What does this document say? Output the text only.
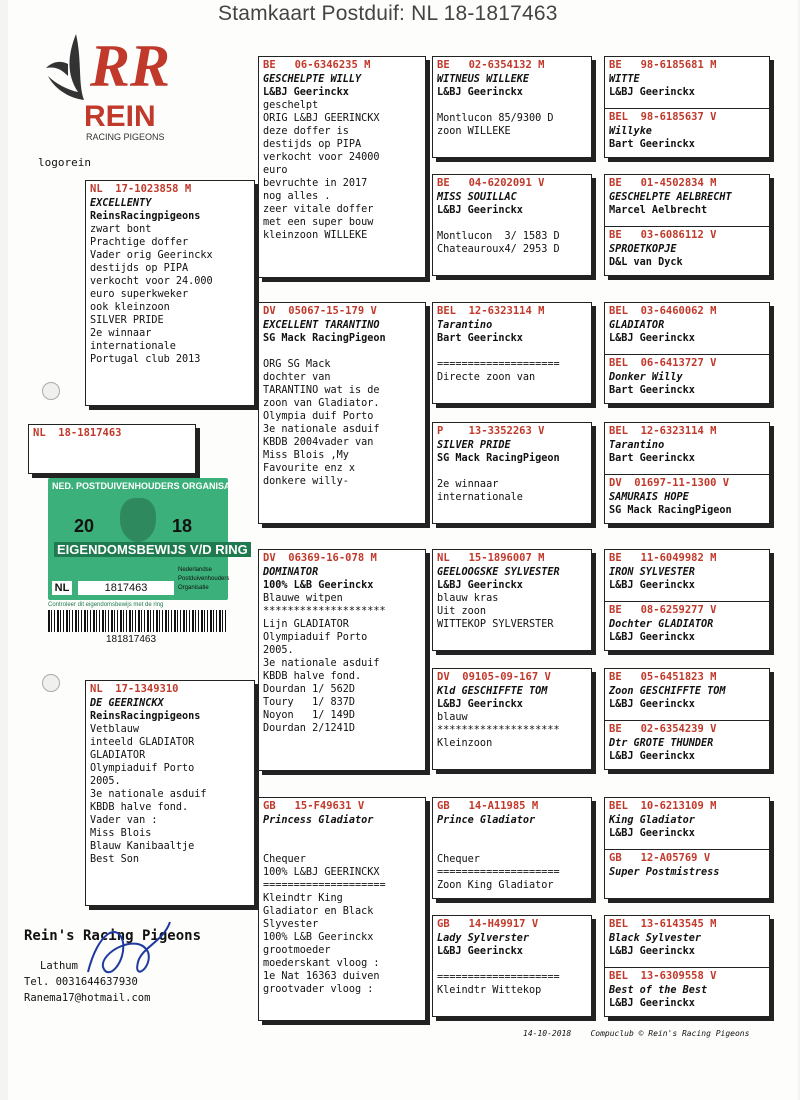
Stamkaart Postduif: NL 18-1817463
RR
REIN
RACING PIGEONS
logorein
NL  18-1817463
NED. POSTDUIVENHOUDERS ORGANISATIE
20	18
EIGENDOMSBEWIJS V/D RING
Nederlandse
Postduivenhouders
Organisatie
NL	1817463
Controleer dit eigendomsbewijs met de ring
181817463
NL  17-1023858 M
EXCELLENTY
ReinsRacingpigeons
zwart bont
Prachtige doffer
Vader orig Geerinckx
destijds op PIPA
verkocht voor 24.000
euro superkweker
ook kleinzoon
SILVER PRIDE
2e winnaar
internationale
Portugal club 2013
NL  17-1349310
DE GEERINCKX
ReinsRacingpigeons
Vetblauw
inteeld GLADIATOR
GLADIATOR
Olympiaduif Porto
2005.
3e nationale asduif
KBDB halve fond.
Vader van :
Miss Blois
Blauw Kanibaaltje
Best Son
BE   06-6346235 M
GESCHELPTE WILLY
L&BJ Geerinckx
geschelpt
ORIG L&BJ GEERINCKX
deze doffer is
destijds op PIPA
verkocht voor 24000
euro
bevruchte in 2017
nog alles .
zeer vitale doffer
met een super bouw
kleinzoon WILLEKE
DV  05067-15-179 V
EXCELLENT TARANTINO
SG Mack RacingPigeon

ORG SG Mack
dochter van
TARANTINO wat is de
zoon van Gladiator.
Olympia duif Porto
3e nationale asduif
KBDB 2004vader van
Miss Blois ,My
Favourite enz x
donkere willy-
DV  06369-16-078 M
DOMINATOR
100% L&B Geerinckx
Blauwe witpen
********************
Lijn GLADIATOR
Olympiaduif Porto
2005.
3e nationale asduif
KBDB halve fond.
Dourdan 1/ 562D
Toury   1/ 837D
Noyon   1/ 149D
Dourdan 2/1241D
GB   15-F49631 V
Princess Gladiator

Chequer
100% L&BJ GEERINCKX
====================
Kleindtr King
Gladiator en Black
Slyvester
100% L&B Geerinckx
grootmoeder
moederskant vloog :
1e Nat 16363 duiven
grootvader vloog :
BE   02-6354132 M
WITNEUS WILLEKE
L&BJ Geerinckx

Montlucon 85/9300 D
zoon WILLEKE
BE   04-6202091 V
MISS SOUILLAC
L&BJ Geerinckx

Montlucon  3/ 1583 D
Chateauroux4/ 2953 D
BEL  12-6323114 M
Tarantino
Bart Geerinckx

====================
Directe zoon van
P    13-3352263 V
SILVER PRIDE
SG Mack RacingPigeon

2e winnaar
internationale
NL   15-1896007 M
GEELOOGSKE SYLVESTER
L&BJ Geerinckx
blauw kras
Uit zoon
WITTEKOP SYLVERSTER
DV  09105-09-167 V
Kld GESCHIFFTE TOM
L&BJ Geerinckx
blauw
********************
Kleinzoon
GB   14-A11985 M
Prince Gladiator

Chequer
====================
Zoon King Gladiator
GB   14-H49917 V
Lady Sylverster
L&BJ Geerinckx

====================
Kleindtr Wittekop
BE   98-6185681 M
WITTE
L&BJ Geerinckx
BEL  98-6185637 V
Willyke
Bart Geerinckx
BE   01-4502834 M
GESCHELPTE AELBRECHT
Marcel Aelbrecht
BE   03-6086112 V
SPROETKOPJE
D&L van Dyck
BEL  03-6460062 M
GLADIATOR
L&BJ Geerinckx
BEL  06-6413727 V
Donker Willy
Bart Geerinckx
BEL  12-6323114 M
Tarantino
Bart Geerinckx
DV  01697-11-1300 V
SAMURAIS HOPE
SG Mack RacingPigeon
BE   11-6049982 M
IRON SYLVESTER
L&BJ Geerinckx
BE   08-6259277 V
Dochter GLADIATOR
L&BJ Geerinckx
BE   05-6451823 M
Zoon GESCHIFFTE TOM
L&BJ Geerinckx
BE   02-6354239 V
Dtr GROTE THUNDER
L&BJ Geerinckx
BEL  10-6213109 M
King Gladiator
L&BJ Geerinckx
GB   12-A05769 V
Super Postmistress

BEL  13-6143545 M
Black Sylvester
L&BJ Geerinckx
BEL  13-6309558 V
Best of the Best
L&BJ Geerinckx
Rein's Racing Pigeons
Lathum
Tel. 0031644637930
Ranema17@hotmail.com
14-10-2018 Compuclub © Rein's Racing Pigeons
